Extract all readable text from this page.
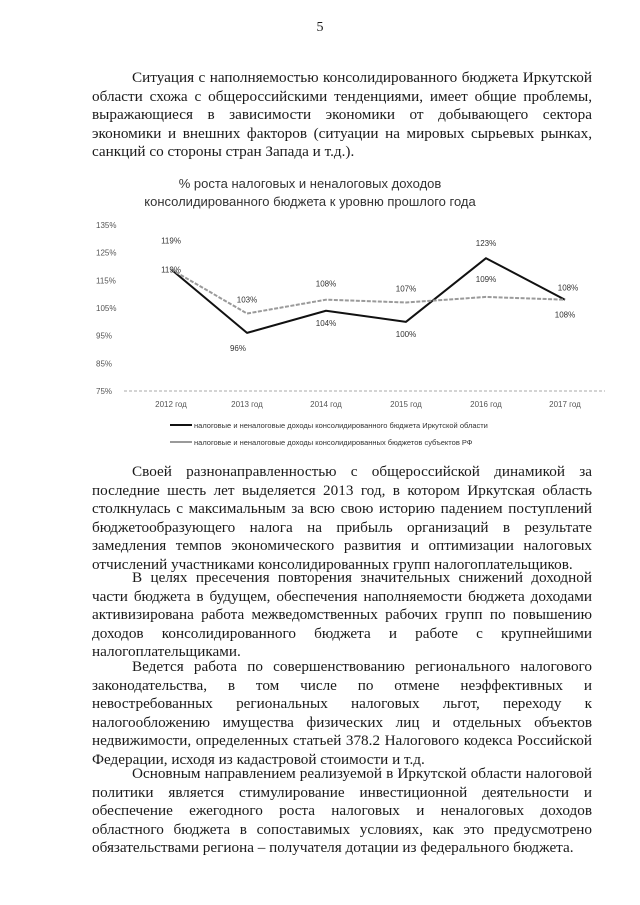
5

Ситуация с наполняемостью консолидированного бюджета Иркутской области схожа с общероссийскими тенденциями, имеет общие проблемы, выражающиеся в зависимости экономики от добывающего сектора экономики и внешних факторов (ситуации на мировых сырьевых рынках, санкций со стороны стран Запада и т.д.).

% роста налоговых и неналоговых доходов
консолидированного бюджета к уровню прошлого года
75%
85%
95%
105%
115%
125%
135%
2012 год	2013 год	2014 год	2015 год	2016 год	2017 год
119%
96%
104%
100%
123%
108%
119%
103%
108%
107%
109%
108%
налоговые и неналоговые доходы консолидированного бюджета Иркутской области
налоговые и неналоговые доходы консолидированных бюджетов субъектов РФ

Своей разнонаправленностью с общероссийской динамикой за последние шесть лет выделяется 2013 год, в котором Иркутская область столкнулась с максимальным за всю свою историю падением поступлений бюджетообразующего налога на прибыль организаций в результате замедления темпов экономического развития и оптимизации налоговых отчислений участниками консолидированных групп налогоплательщиков.

В целях пресечения повторения значительных снижений доходной части бюджета в будущем, обеспечения наполняемости бюджета доходами активизирована работа межведомственных рабочих групп по повышению доходов консолидированного бюджета и работе с крупнейшими налогоплательщиками.

Ведется работа по совершенствованию регионального налогового законодательства, в том числе по отмене неэффективных и невостребованных региональных налоговых льгот, переходу к налогообложению имущества физических лиц и отдельных объектов недвижимости, определенных статьей 378.2 Налогового кодекса Российской Федерации, исходя из кадастровой стоимости и т.д.

Основным направлением реализуемой в Иркутской области налоговой политики является стимулирование инвестиционной деятельности и обеспечение ежегодного роста налоговых и неналоговых доходов областного бюджета в сопоставимых условиях, как это предусмотрено обязательствами региона – получателя дотации из федерального бюджета.
